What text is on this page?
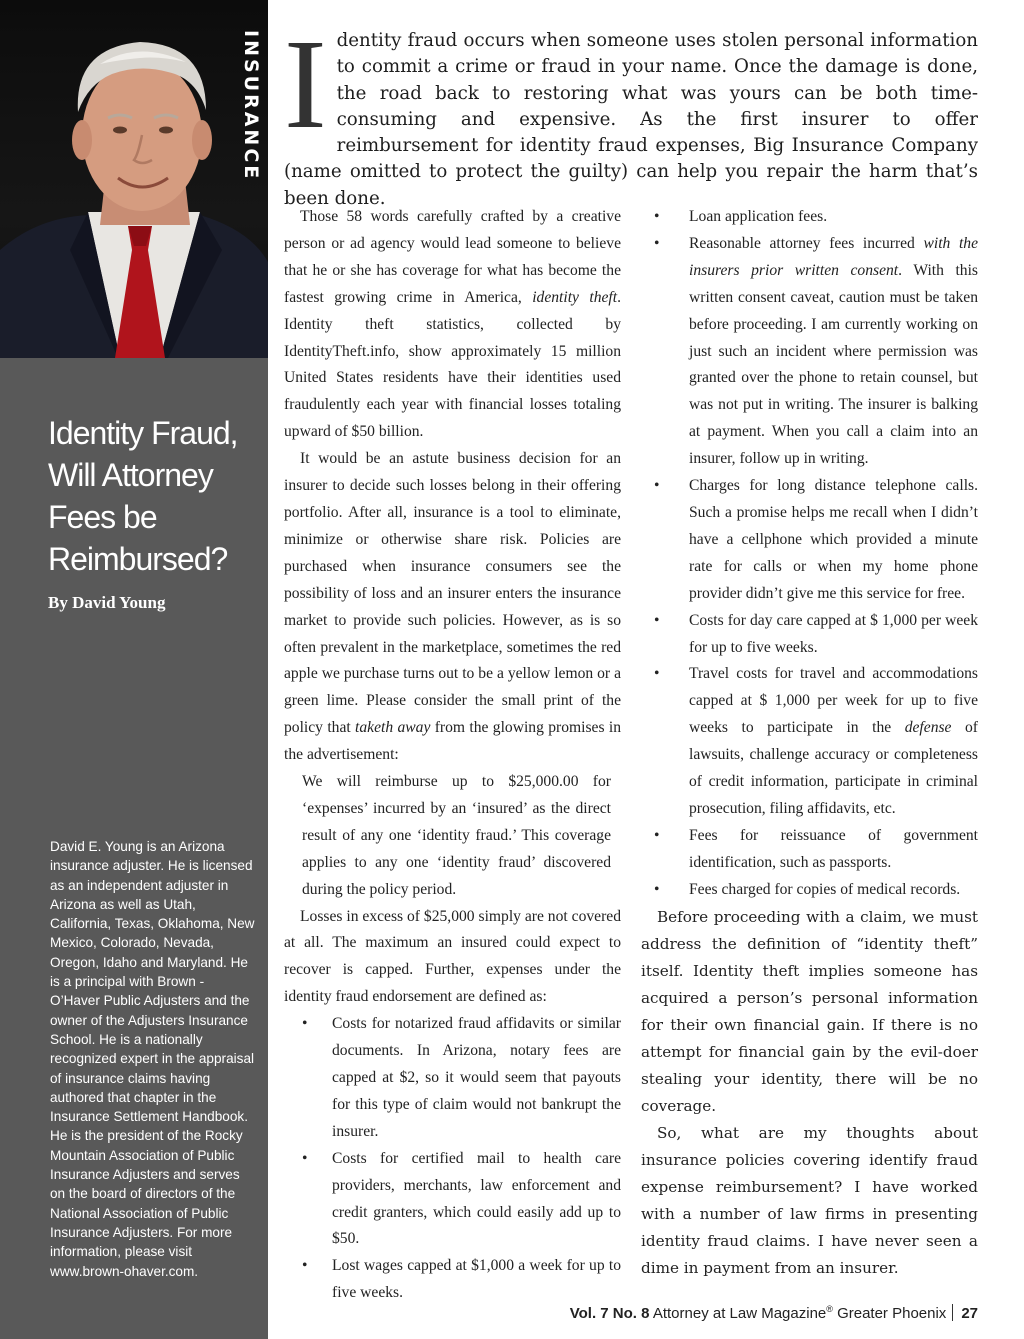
INSURANCE
Identity Fraud, Will Attorney Fees be Reimbursed?
By David Young
David E. Young is an Arizona insurance adjuster. He is licensed as an independent adjuster in Arizona as well as Utah, California, Texas, Oklahoma, New Mexico, Colorado, Nevada, Oregon, Idaho and Maryland. He is a principal with Brown - O’Haver Public Adjusters and the owner of the Adjusters Insurance School. He is a nationally recognized expert in the appraisal of insurance claims having authored that chapter in the Insurance Settlement Handbook. He is the president of the Rocky Mountain Association of Public Insurance Adjusters and serves on the board of directors of the National Association of Public Insurance Adjusters. For more information, please visit www.brown-ohaver.com.

Identity fraud occurs when someone uses stolen personal information to commit a crime or fraud in your name. Once the damage is done, the road back to restoring what was yours can be both time-consuming and expensive. As the first insurer to offer reimbursement for identity fraud expenses, Big Insurance Company (name omitted to protect the guilty) can help you repair the harm that’s been done.

Those 58 words carefully crafted by a creative person or ad agency would lead someone to believe that he or she has coverage for what has become the fastest growing crime in America, identity theft. Identity theft statistics, collected by IdentityTheft.info, show approximately 15 million United States residents have their identities used fraudulently each year with financial losses totaling upward of $50 billion.

It would be an astute business decision for an insurer to decide such losses belong in their offering portfolio. After all, insurance is a tool to eliminate, minimize or otherwise share risk. Policies are purchased when insurance consumers see the possibility of loss and an insurer enters the insurance market to provide such policies. However, as is so often prevalent in the marketplace, sometimes the red apple we purchase turns out to be a yellow lemon or a green lime. Please consider the small print of the policy that taketh away from the glowing promises in the advertisement:

We will reimburse up to $25,000.00 for ‘expenses’ incurred by an ‘insured’ as the direct result of any one ‘identity fraud.’ This coverage applies to any one ‘identity fraud’ discovered during the policy period.

Losses in excess of $25,000 simply are not covered at all. The maximum an insured could expect to recover is capped. Further, expenses under the identity fraud endorsement are defined as:

• Costs for notarized fraud affidavits or similar documents. In Arizona, notary fees are capped at $2, so it would seem that payouts for this type of claim would not bankrupt the insurer.
• Costs for certified mail to health care providers, merchants, law enforcement and credit granters, which could easily add up to $50.
• Lost wages capped at $1,000 a week for up to five weeks.
• Loan application fees.
• Reasonable attorney fees incurred with the insurers prior written consent. With this written consent caveat, caution must be taken before proceeding. I am currently working on just such an incident where permission was granted over the phone to retain counsel, but was not put in writing. The insurer is balking at payment. When you call a claim into an insurer, follow up in writing.
• Charges for long distance telephone calls. Such a promise helps me recall when I didn’t have a cellphone which provided a minute rate for calls or when my home phone provider didn’t give me this service for free.
• Costs for day care capped at $ 1,000 per week for up to five weeks.
• Travel costs for travel and accommodations capped at $ 1,000 per week for up to five weeks to participate in the defense of lawsuits, challenge accuracy or completeness of credit information, participate in criminal prosecution, filing affidavits, etc.
• Fees for reissuance of government identification, such as passports.
• Fees charged for copies of medical records.

Before proceeding with a claim, we must address the definition of “identity theft” itself. Identity theft implies someone has acquired a person’s personal information for their own financial gain. If there is no attempt for financial gain by the evil-doer stealing your identity, there will be no coverage.

So, what are my thoughts about insurance policies covering identify fraud expense reimbursement? I have worked with a number of law firms in presenting identity fraud claims. I have never seen a dime in payment from an insurer.

Vol. 7 No. 8 Attorney at Law Magazine® Greater Phoenix 27
